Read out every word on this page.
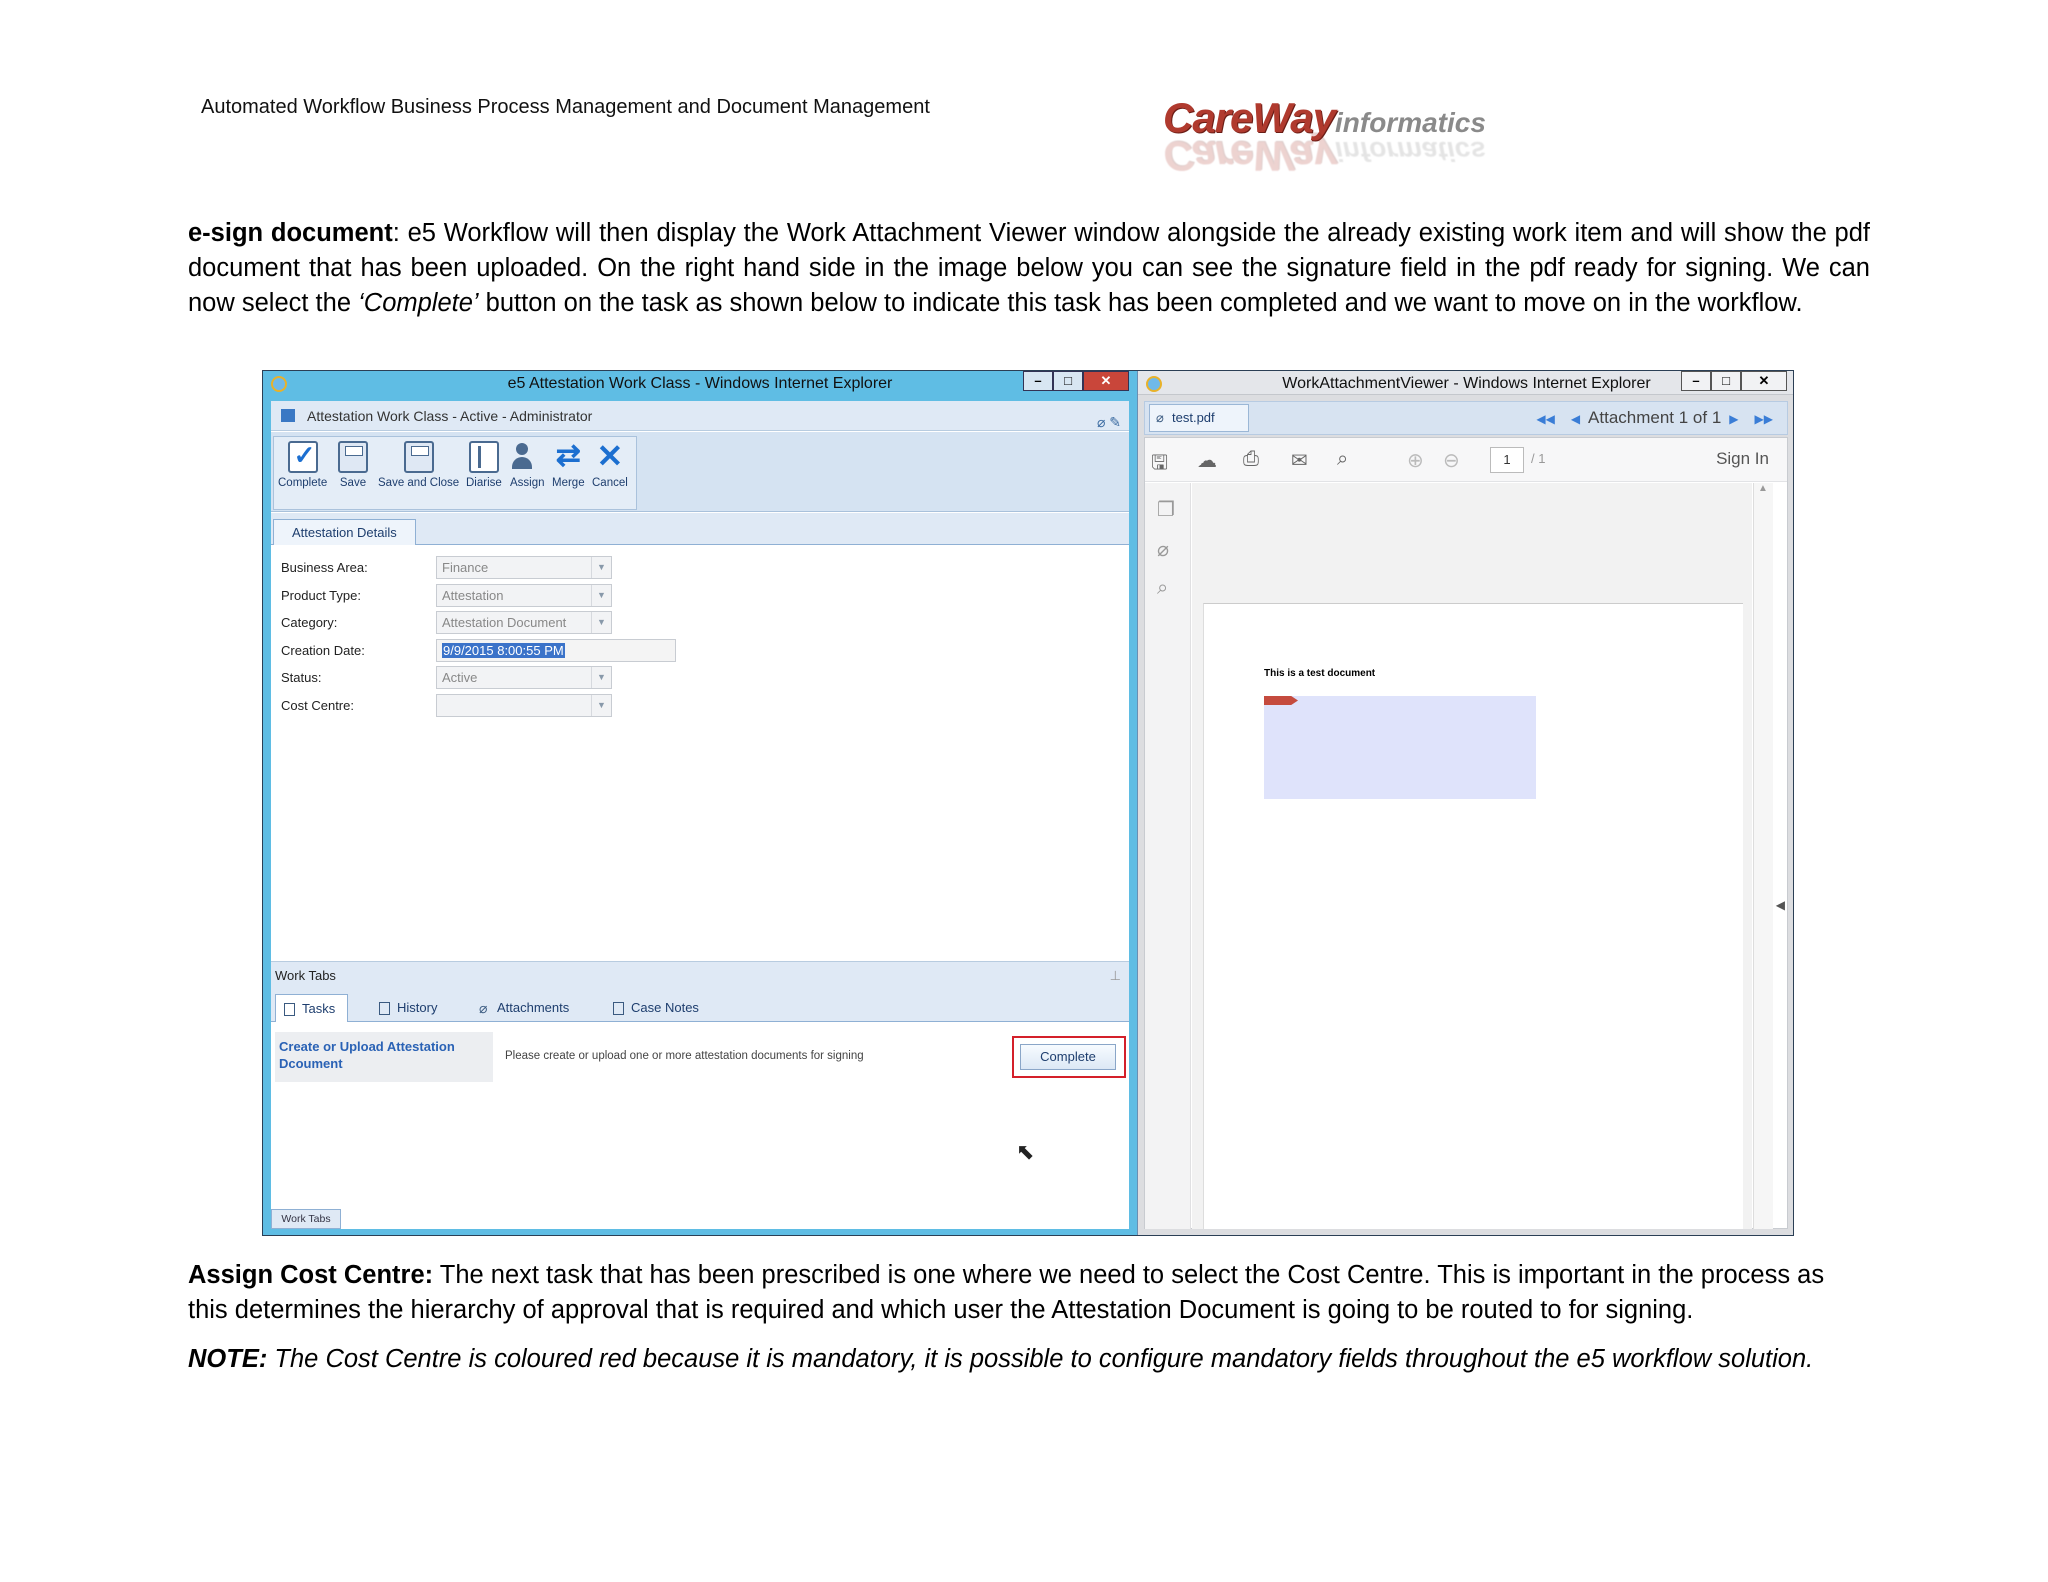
Automated Workflow Business Process Management and Document Management	CareWayinformatics
CareWayinformatics
e-sign document: e5 Workflow will then display the Work Attachment Viewer window alongside the already existing work item and will show the pdf document that has been uploaded. On the right hand side in the image below you can see the signature field in the pdf ready for signing. We can now select the ‘Complete’ button on the task as shown below to indicate this task has been completed and we want to move on in the workflow.
e5 Attestation Work Class - Windows Internet Explorer	–	□	✕
Attestation Work Class - Active - Administrator	⌀ ✎
✓
Complete Save Save and Close Diarise Assign
⇄
Merge
✕
Cancel
Attestation Details
Business Area:	Finance	▼
Product Type:	Attestation	▼
Category:	Attestation Document	▼
Creation Date:	9/9/2015 8:00:55 PM
Status:	Active	▼
Cost Centre:	▼
Work Tabs	⊥
Tasks	History	⌀ Attachments	Case Notes
Create or Upload Attestation Dcoument	Please create or upload one or more attestation documents for signing	Complete
⬉
Work Tabs
WorkAttachmentViewer - Windows Internet Explorer	–	□	✕
⌀ test.pdf	◀◀ ◀ Attachment 1 of 1 ▶ ▶▶
🖫 ☁ ⎙ ✉ ⌕	⊕ ⊖	1	/ 1	Sign In
❐
⌀
⌕
This is a test document
▲
◀
Assign Cost Centre: The next task that has been prescribed is one where we need to select the Cost Centre. This is important in the process as this determines the hierarchy of approval that is required and which user the Attestation Document is going to be routed to for signing.
NOTE: The Cost Centre is coloured red because it is mandatory, it is possible to configure mandatory fields throughout the e5 workflow solution.
